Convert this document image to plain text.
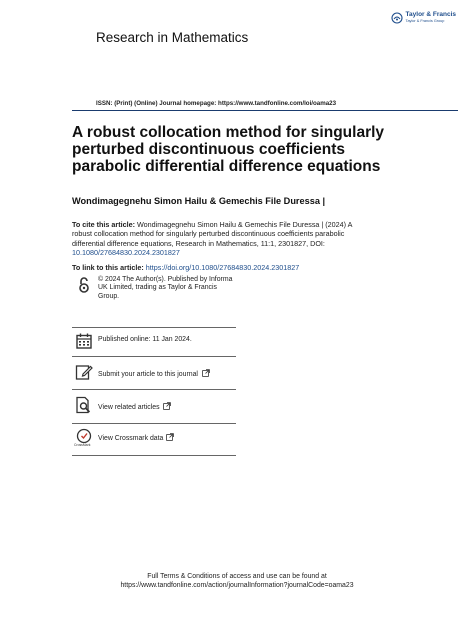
Research in Mathematics
Taylor & Francis
Taylor & Francis Group
ISSN: (Print) (Online) Journal homepage: https://www.tandfonline.com/loi/oama23
A robust collocation method for singularly perturbed discontinuous coefficients parabolic differential difference equations
Wondimagegnehu Simon Hailu & Gemechis File Duressa |
To cite this article: Wondimagegnehu Simon Hailu & Gemechis File Duressa | (2024) A robust collocation method for singularly perturbed discontinuous coefficients parabolic differential difference equations, Research in Mathematics, 11:1, 2301827, DOI: 10.1080/27684830.2024.2301827
To link to this article: https://doi.org/10.1080/27684830.2024.2301827
© 2024 The Author(s). Published by Informa UK Limited, trading as Taylor & Francis Group.
Published online: 11 Jan 2024.
Submit your article to this journal
View related articles
CrossMark
View Crossmark data
Full Terms & Conditions of access and use can be found at
https://www.tandfonline.com/action/journalInformation?journalCode=oama23
